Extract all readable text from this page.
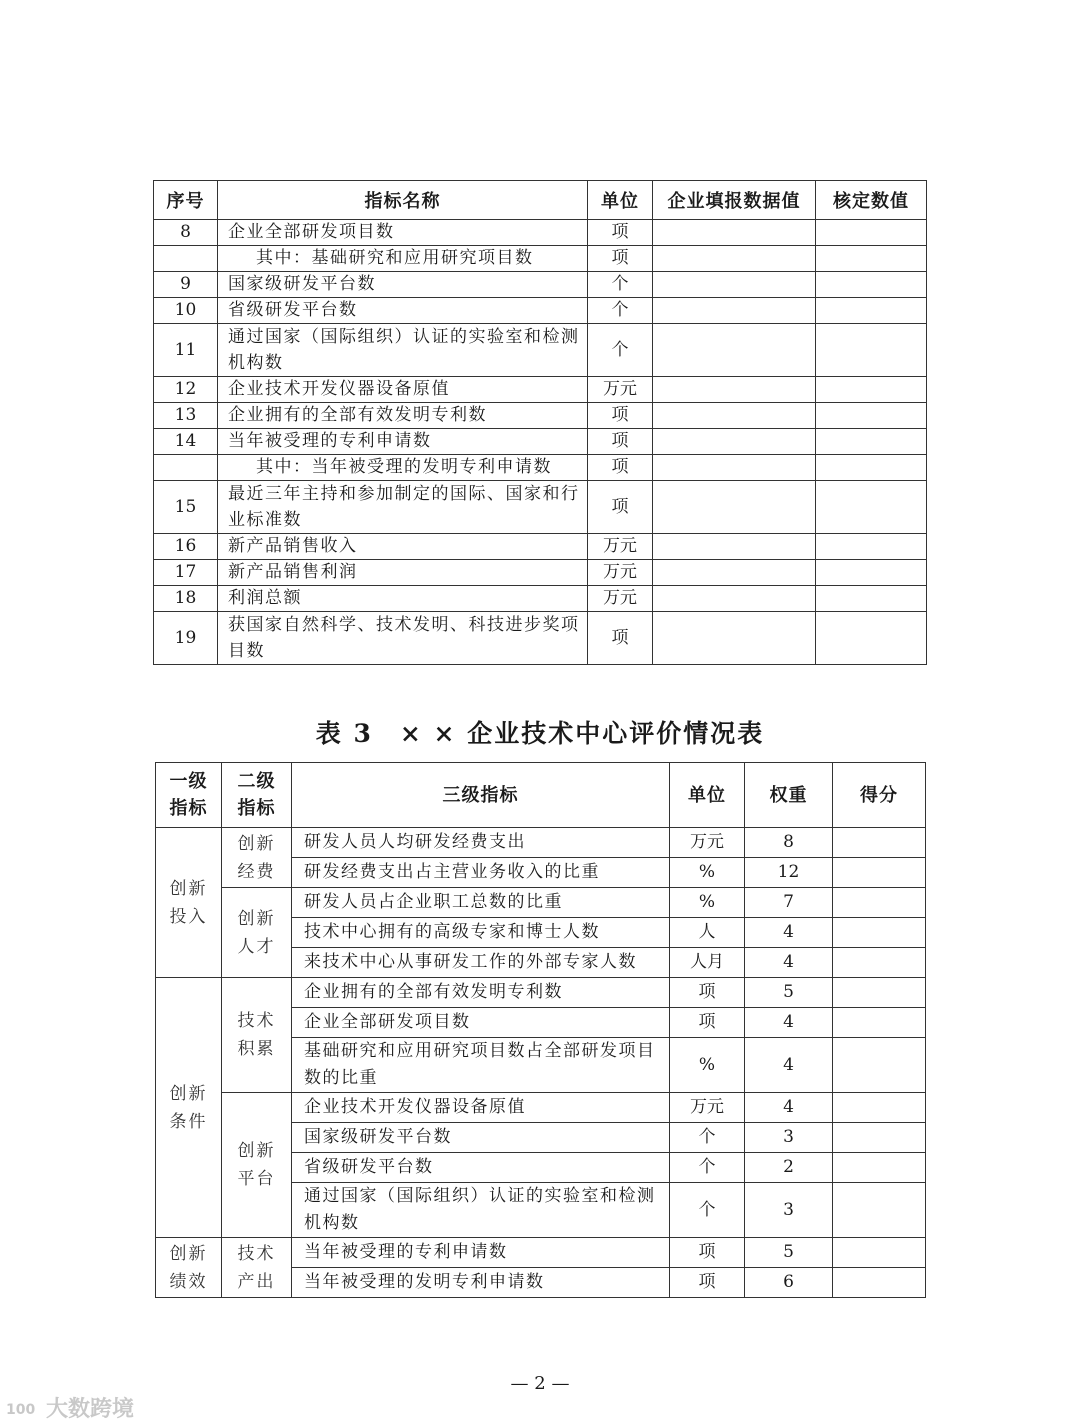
序号	指标名称	单位	企业填报数据值	核定数值
8	企业全部研发项目数	项		
	其中：基础研究和应用研究项目数	项		
9	国家级研发平台数	个		
10	省级研发平台数	个		
11	通过国家（国际组织）认证的实验室和检测机构数	个		
12	企业技术开发仪器设备原值	万元		
13	企业拥有的全部有效发明专利数	项		
14	当年被受理的专利申请数	项		
	其中：当年被受理的发明专利申请数	项		
15	最近三年主持和参加制定的国际、国家和行业标准数	项		
16	新产品销售收入	万元		
17	新产品销售利润	万元		
18	利润总额	万元		
19	获国家自然科学、技术发明、科技进步奖项目数	项		
表 3　× × 企业技术中心评价情况表
一级指标	二级指标	三级指标	单位	权重	得分
创新投入	创新经费	研发人员人均研发经费支出	万元	8	
		研发经费支出占主营业务收入的比重	%	12	
	创新人才	研发人员占企业职工总数的比重	%	7	
		技术中心拥有的高级专家和博士人数	人	4	
		来技术中心从事研发工作的外部专家人数	人月	4	
创新条件	技术积累	企业拥有的全部有效发明专利数	项	5	
		企业全部研发项目数	项	4	
		基础研究和应用研究项目数占全部研发项目数的比重	%	4	
	创新平台	企业技术开发仪器设备原值	万元	4	
		国家级研发平台数	个	3	
		省级研发平台数	个	2	
		通过国家（国际组织）认证的实验室和检测机构数	个	3	
创新绩效	技术产出	当年被受理的专利申请数	项	5	
		当年被受理的发明专利申请数	项	6	
— 2 —
100 大数跨境
